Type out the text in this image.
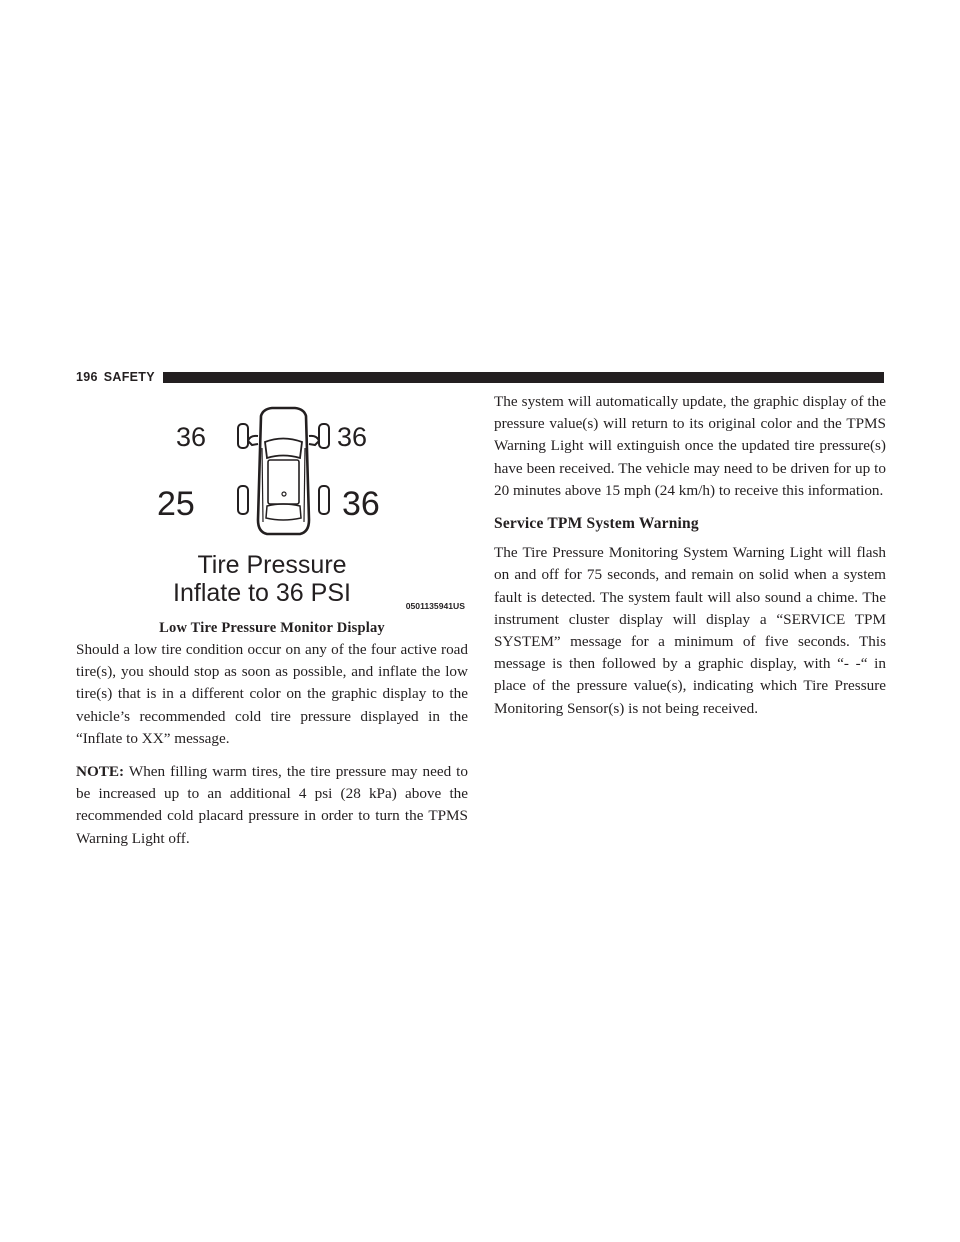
196 SAFETY
36	36
25	36
Tire Pressure
Inflate to 36 PSI	0501135941US
Low Tire Pressure Monitor Display

Should a low tire condition occur on any of the four active road tire(s), you should stop as soon as possible, and inflate the low tire(s) that is in a different color on the graphic display to the vehicle’s recommended cold tire pressure displayed in the “Inflate to XX” message.

NOTE: When filling warm tires, the tire pressure may need to be increased up to an additional 4 psi (28 kPa) above the recommended cold placard pressure in order to turn the TPMS Warning Light off.

The system will automatically update, the graphic display of the pressure value(s) will return to its original color and the TPMS Warning Light will extinguish once the updated tire pressure(s) have been received. The vehicle may need to be driven for up to 20 minutes above 15 mph (24 km/h) to receive this information.

Service TPM System Warning

The Tire Pressure Monitoring System Warning Light will flash on and off for 75 seconds, and remain on solid when a system fault is detected. The system fault will also sound a chime. The instrument cluster display will display a “SERVICE TPM SYSTEM” message for a minimum of five seconds. This message is then followed by a graphic display, with “- -“ in place of the pressure value(s), indicating which Tire Pressure Monitoring Sensor(s) is not being received.
